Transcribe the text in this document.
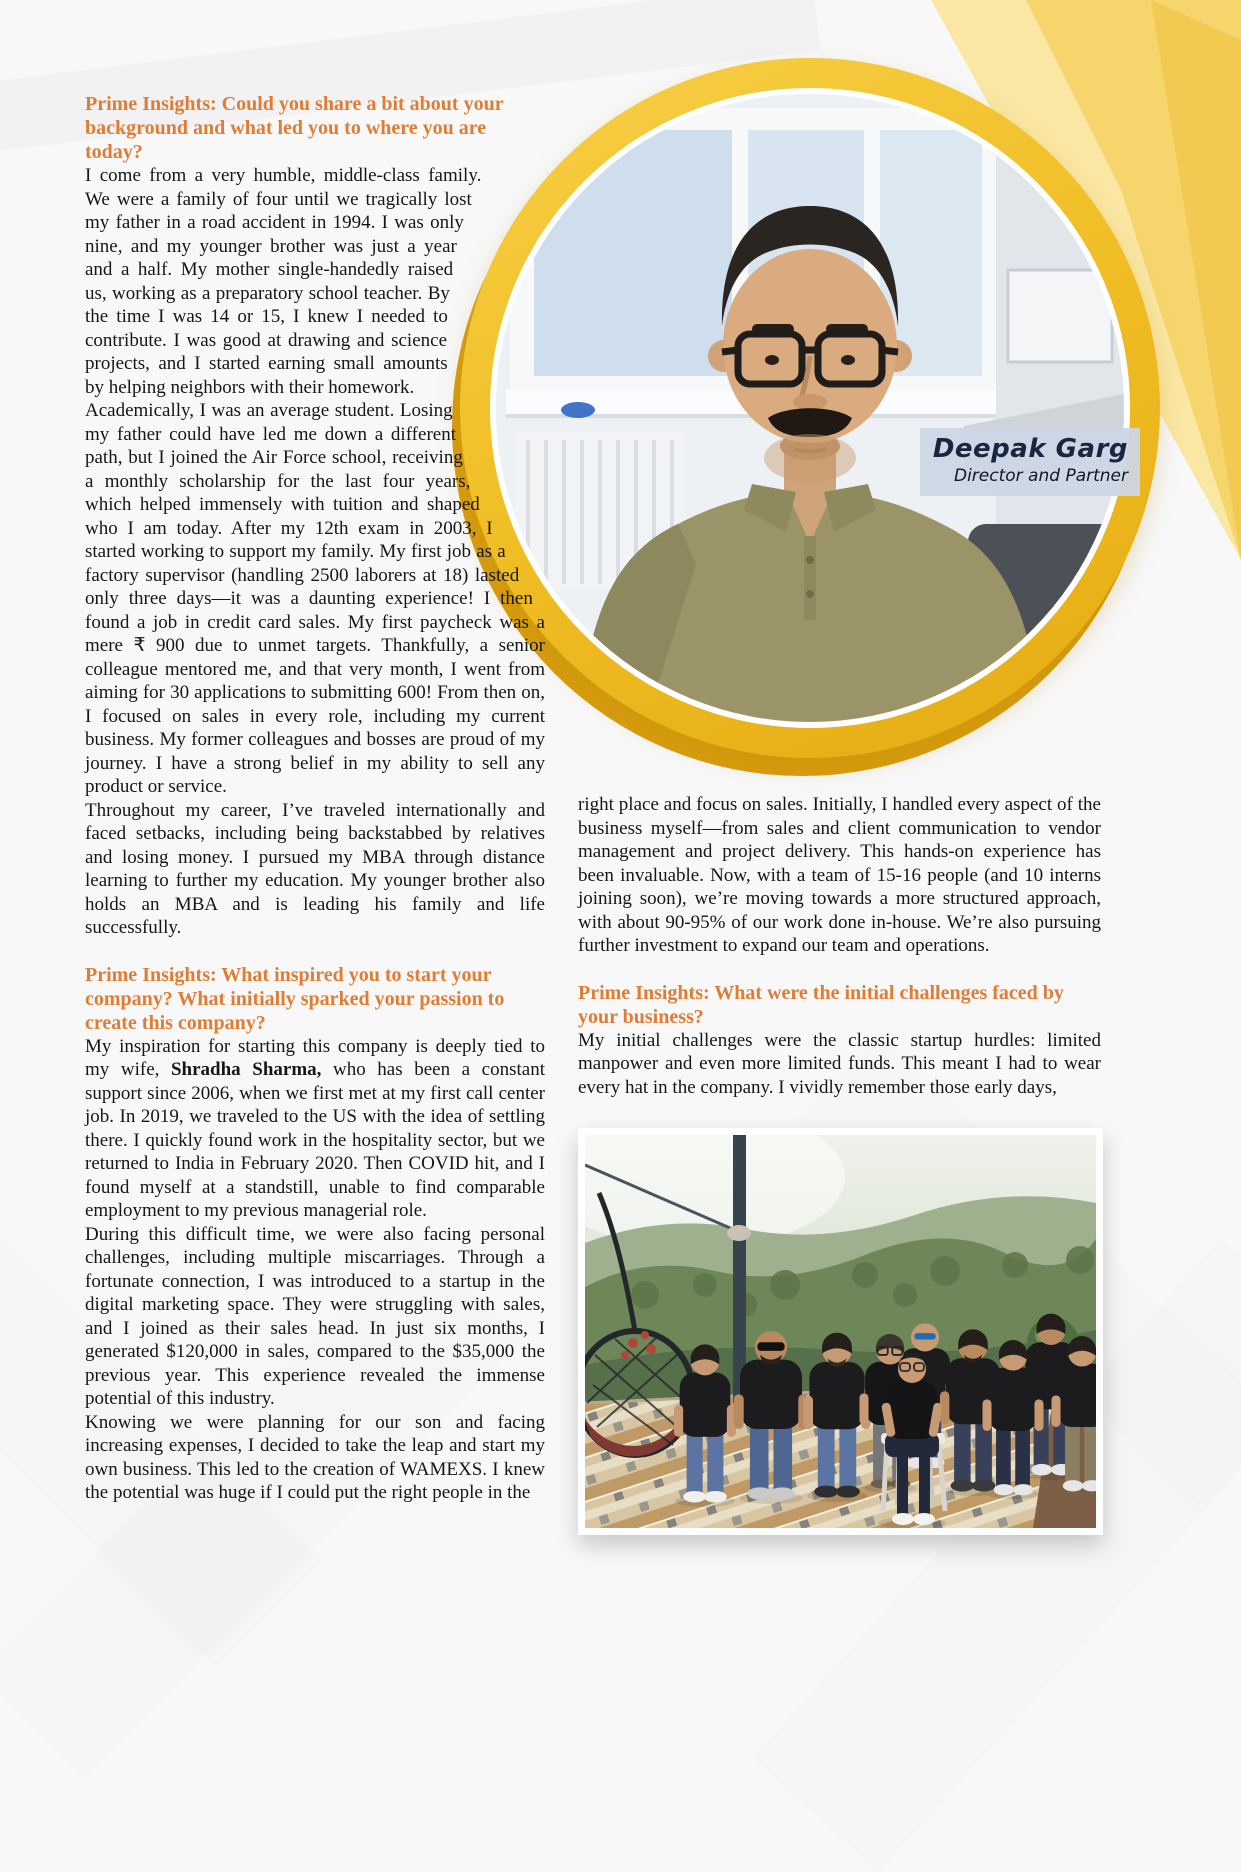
Deepak Garg
Director and Partner

Prime Insights: Could you share a bit about your background and what led you to where you are today?

I come from a very humble, middle-class family. We were a family of four until we tragically lost my father in a road accident in 1994. I was only nine, and my younger brother was just a year and a half. My mother single-handedly raised us, working as a preparatory school teacher. By the time I was 14 or 15, I knew I needed to contribute. I was good at drawing and science projects, and I started earning small amounts by helping neighbors with their homework.

Academically, I was an average student. Losing my father could have led me down a different path, but I joined the Air Force school, receiving a monthly scholarship for the last four years, which helped immensely with tuition and shaped who I am today. After my 12th exam in 2003, I started working to support my family. My first job as a factory supervisor (handling 2500 laborers at 18) lasted only three days—it was a daunting experience! I then found a job in credit card sales. My first paycheck was a mere ₹ 900 due to unmet targets. Thankfully, a senior colleague mentored me, and that very month, I went from aiming for 30 applications to submitting 600! From then on, I focused on sales in every role, including my current business. My former colleagues and bosses are proud of my journey. I have a strong belief in my ability to sell any product or service.

Throughout my career, I’ve traveled internationally and faced setbacks, including being backstabbed by relatives and losing money. I pursued my MBA through distance learning to further my education. My younger brother also holds an MBA and is leading his family and life successfully.

Prime Insights: What inspired you to start your company? What initially sparked your passion to create this company?

My inspiration for starting this company is deeply tied to my wife, Shradha Sharma, who has been a constant support since 2006, when we first met at my first call center job. In 2019, we traveled to the US with the idea of settling there. I quickly found work in the hospitality sector, but we returned to India in February 2020. Then COVID hit, and I found myself at a standstill, unable to find comparable employment to my previous managerial role.

During this difficult time, we were also facing personal challenges, including multiple miscarriages. Through a fortunate connection, I was introduced to a startup in the digital marketing space. They were struggling with sales, and I joined as their sales head. In just six months, I generated $120,000 in sales, compared to the $35,000 the previous year. This experience revealed the immense potential of this industry.

Knowing we were planning for our son and facing increasing expenses, I decided to take the leap and start my own business. This led to the creation of WAMEXS. I knew the potential was huge if I could put the right people in the

right place and focus on sales. Initially, I handled every aspect of the business myself—from sales and client communication to vendor management and project delivery. This hands-on experience has been invaluable. Now, with a team of 15-16 people (and 10 interns joining soon), we’re moving towards a more structured approach, with about 90-95% of our work done in-house. We’re also pursuing further investment to expand our team and operations.

Prime Insights: What were the initial challenges faced by your business?

My initial challenges were the classic startup hurdles: limited manpower and even more limited funds. This meant I had to wear every hat in the company. I vividly remember those early days,
